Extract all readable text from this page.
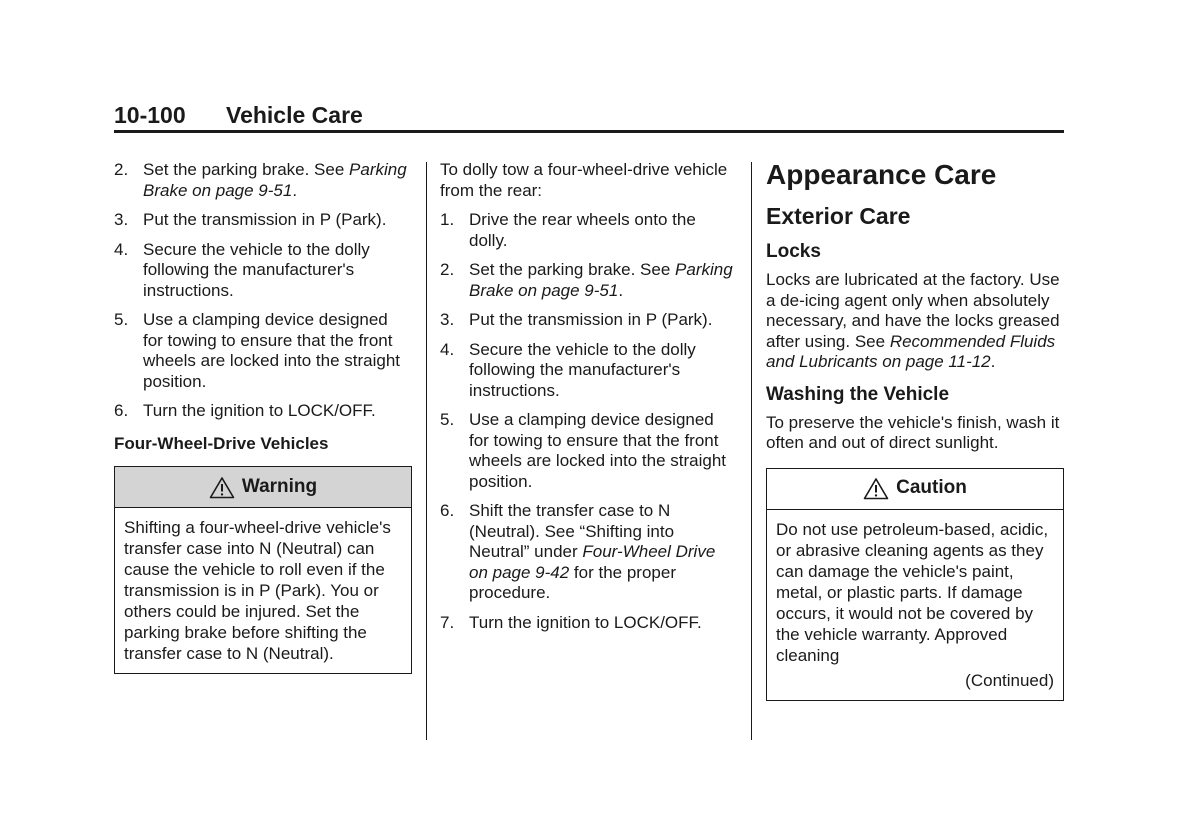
10-100 Vehicle Care
2. Set the parking brake. See Parking Brake on page 9-51.
3. Put the transmission in P (Park).
4. Secure the vehicle to the dolly following the manufacturer's instructions.
5. Use a clamping device designed for towing to ensure that the front wheels are locked into the straight position.
6. Turn the ignition to LOCK/OFF.
Four-Wheel-Drive Vehicles
Warning
Shifting a four-wheel-drive vehicle's transfer case into N (Neutral) can cause the vehicle to roll even if the transmission is in P (Park). You or others could be injured. Set the parking brake before shifting the transfer case to N (Neutral).

To dolly tow a four-wheel-drive vehicle from the rear:

1. Drive the rear wheels onto the dolly.
2. Set the parking brake. See Parking Brake on page 9-51.
3. Put the transmission in P (Park).
4. Secure the vehicle to the dolly following the manufacturer's instructions.
5. Use a clamping device designed for towing to ensure that the front wheels are locked into the straight position.
6. Shift the transfer case to N (Neutral). See “Shifting into Neutral” under Four-Wheel Drive on page 9-42 for the proper procedure.
7. Turn the ignition to LOCK/OFF.
Appearance Care
Exterior Care
Locks

Locks are lubricated at the factory. Use a de-icing agent only when absolutely necessary, and have the locks greased after using. See Recommended Fluids and Lubricants on page 11-12.

Washing the Vehicle

To preserve the vehicle's finish, wash it often and out of direct sunlight.

Caution
Do not use petroleum-based, acidic, or abrasive cleaning agents as they can damage the vehicle's paint, metal, or plastic parts. If damage occurs, it would not be covered by the vehicle warranty. Approved cleaning
(Continued)
